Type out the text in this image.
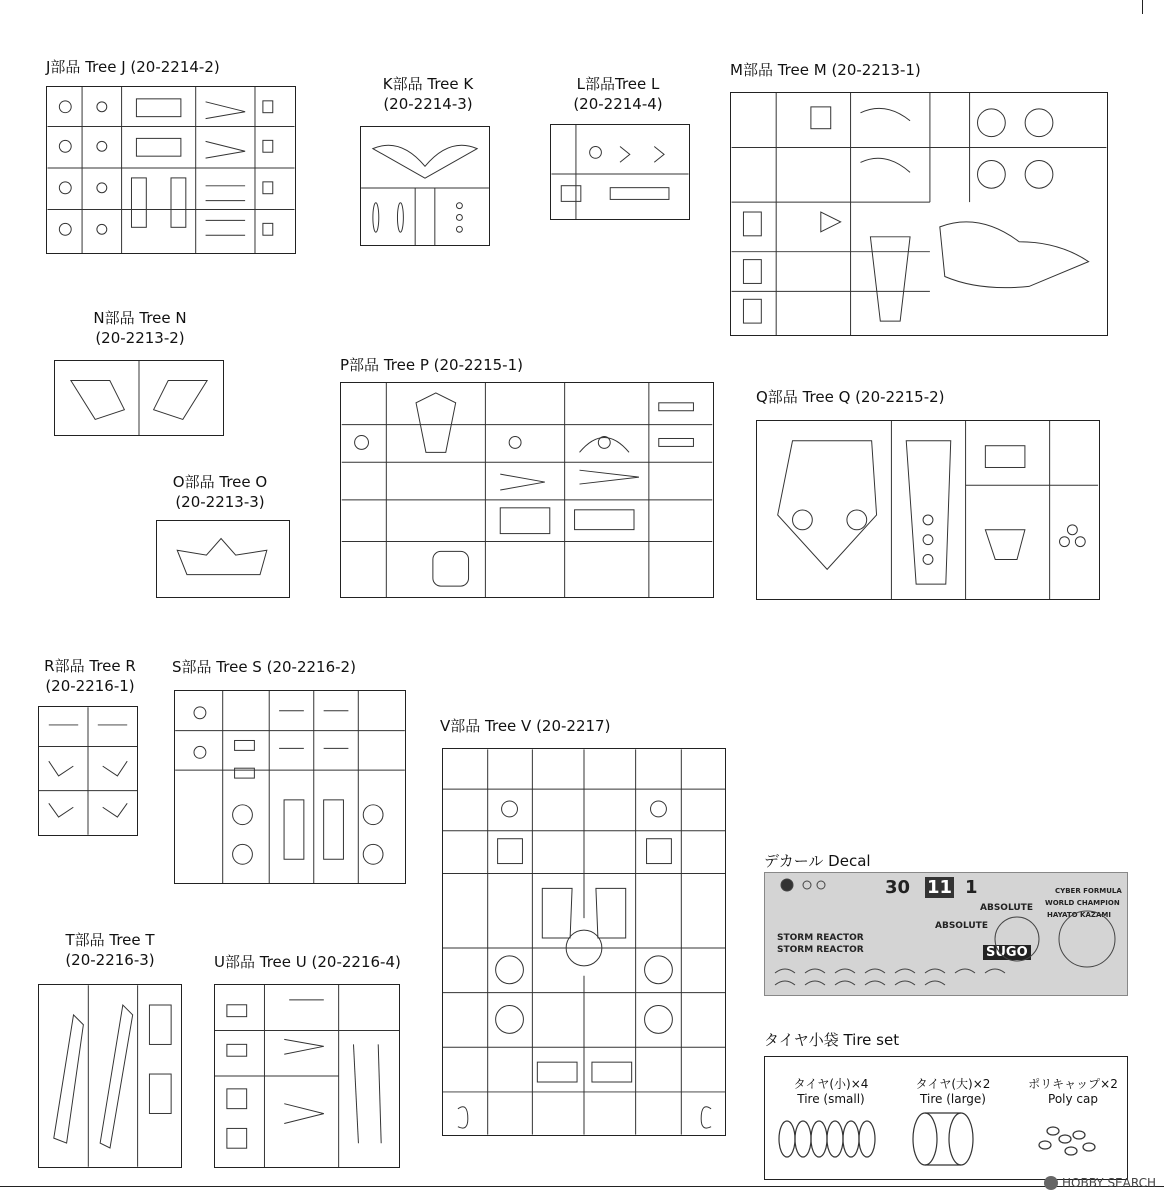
J部品 Tree J (20-2214-2)
K部品 Tree K
(20-2214-3)
L部品Tree L
(20-2214-4)
M部品 Tree M (20-2213-1)
N部品 Tree N
(20-2213-2)
O部品 Tree O
(20-2213-3)
P部品 Tree P (20-2215-1)
Q部品 Tree Q (20-2215-2)
R部品 Tree R
(20-2216-1)
S部品 Tree S (20-2216-2)
T部品 Tree T
(20-2216-3)	U部品 Tree U (20-2216-4)
V部品 Tree V (20-2217)
デカール Decal
30 11 1
STORM REACTOR
STORM REACTOR
ABSOLUTE
ABSOLUTE
SUGO
CYBER FORMULA
WORLD CHAMPION
HAYATO KAZAMI
タイヤ小袋 Tire set
タイヤ(小)×4
Tire (small)
タイヤ(大)×2
Tire (large)
ポリキャップ×2
Poly cap
HOBBY SEARCH
